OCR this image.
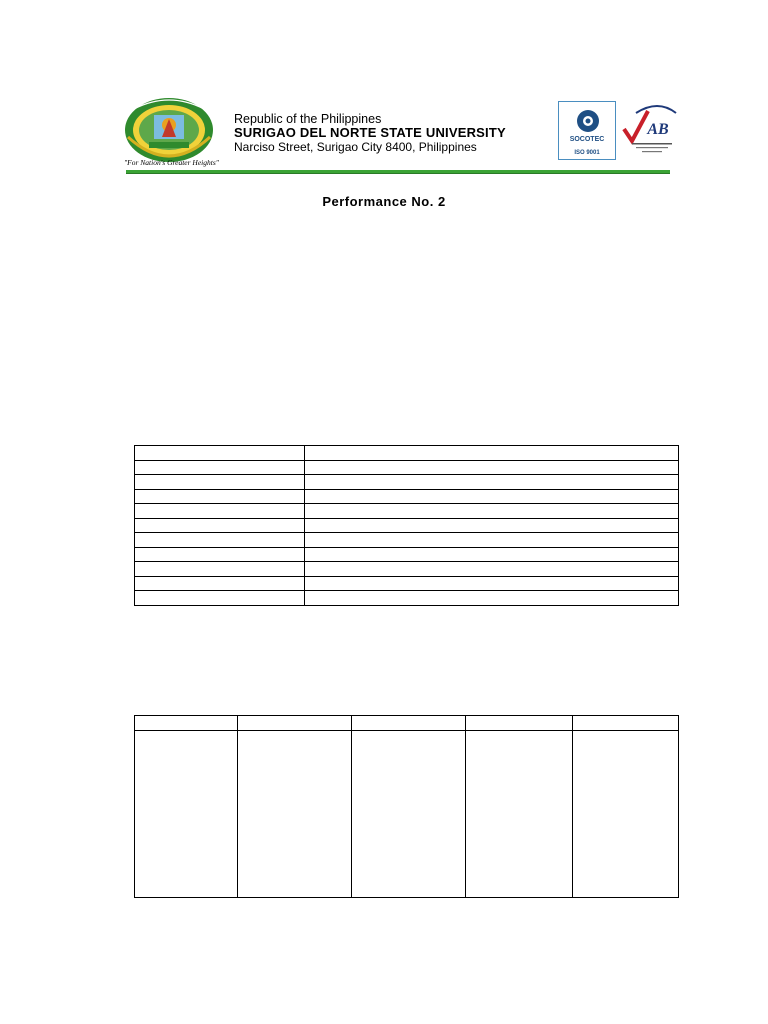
"For Nation's Greater Heights"
Republic of the Philippines
SURIGAO DEL NORTE STATE UNIVERSITY
Narciso Street, Surigao City 8400, Philippines
SOCOTEC
ISO 9001
AB
Performance No. 2
